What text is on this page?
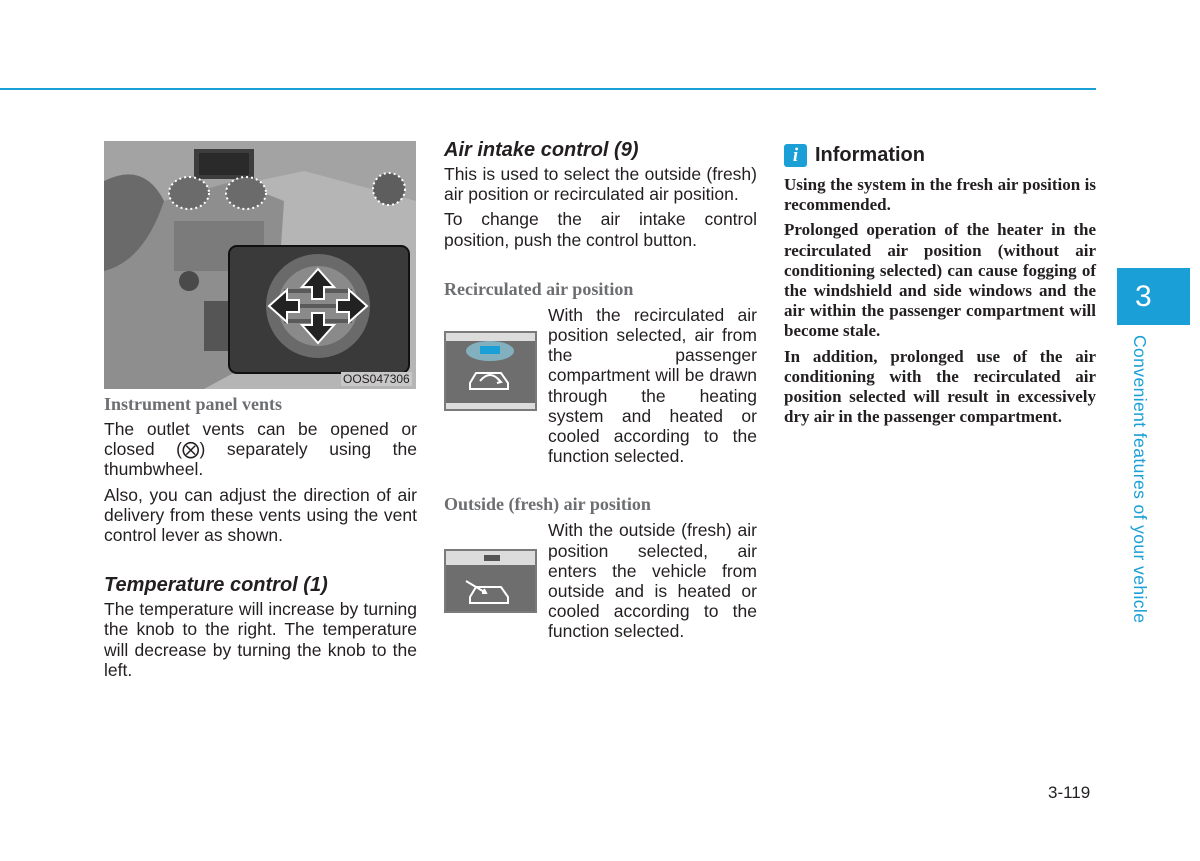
OOS047306

Instrument panel vents

The outlet vents can be opened or closed (⨂) separately using the thumbwheel.

Also, you can adjust the direction of air delivery from these vents using the vent control lever as shown.

Temperature control (1)

The temperature will increase by turning the knob to the right. The temperature will decrease by turning the knob to the left.

Air intake control (9)

This is used to select the outside (fresh) air position or recirculated air position.

To change the air intake control position, push the control button.

Recirculated air position

With the recirculated air position selected, air from the passenger compartment will be drawn through the heating system and heated or cooled according to the function selected.

Outside (fresh) air position

With the outside (fresh) air position selected, air enters the vehicle from outside and is heated or cooled according to the function selected.

i Information

Using the system in the fresh air position is recommended.

Prolonged operation of the heater in the recirculated air position (without air conditioning selected) can cause fogging of the windshield and side windows and the air within the passenger compartment will become stale.

In addition, prolonged use of the air conditioning with the recirculated air position selected will result in excessively dry air in the passenger compartment.

3
Convenient features of your vehicle
3-119
